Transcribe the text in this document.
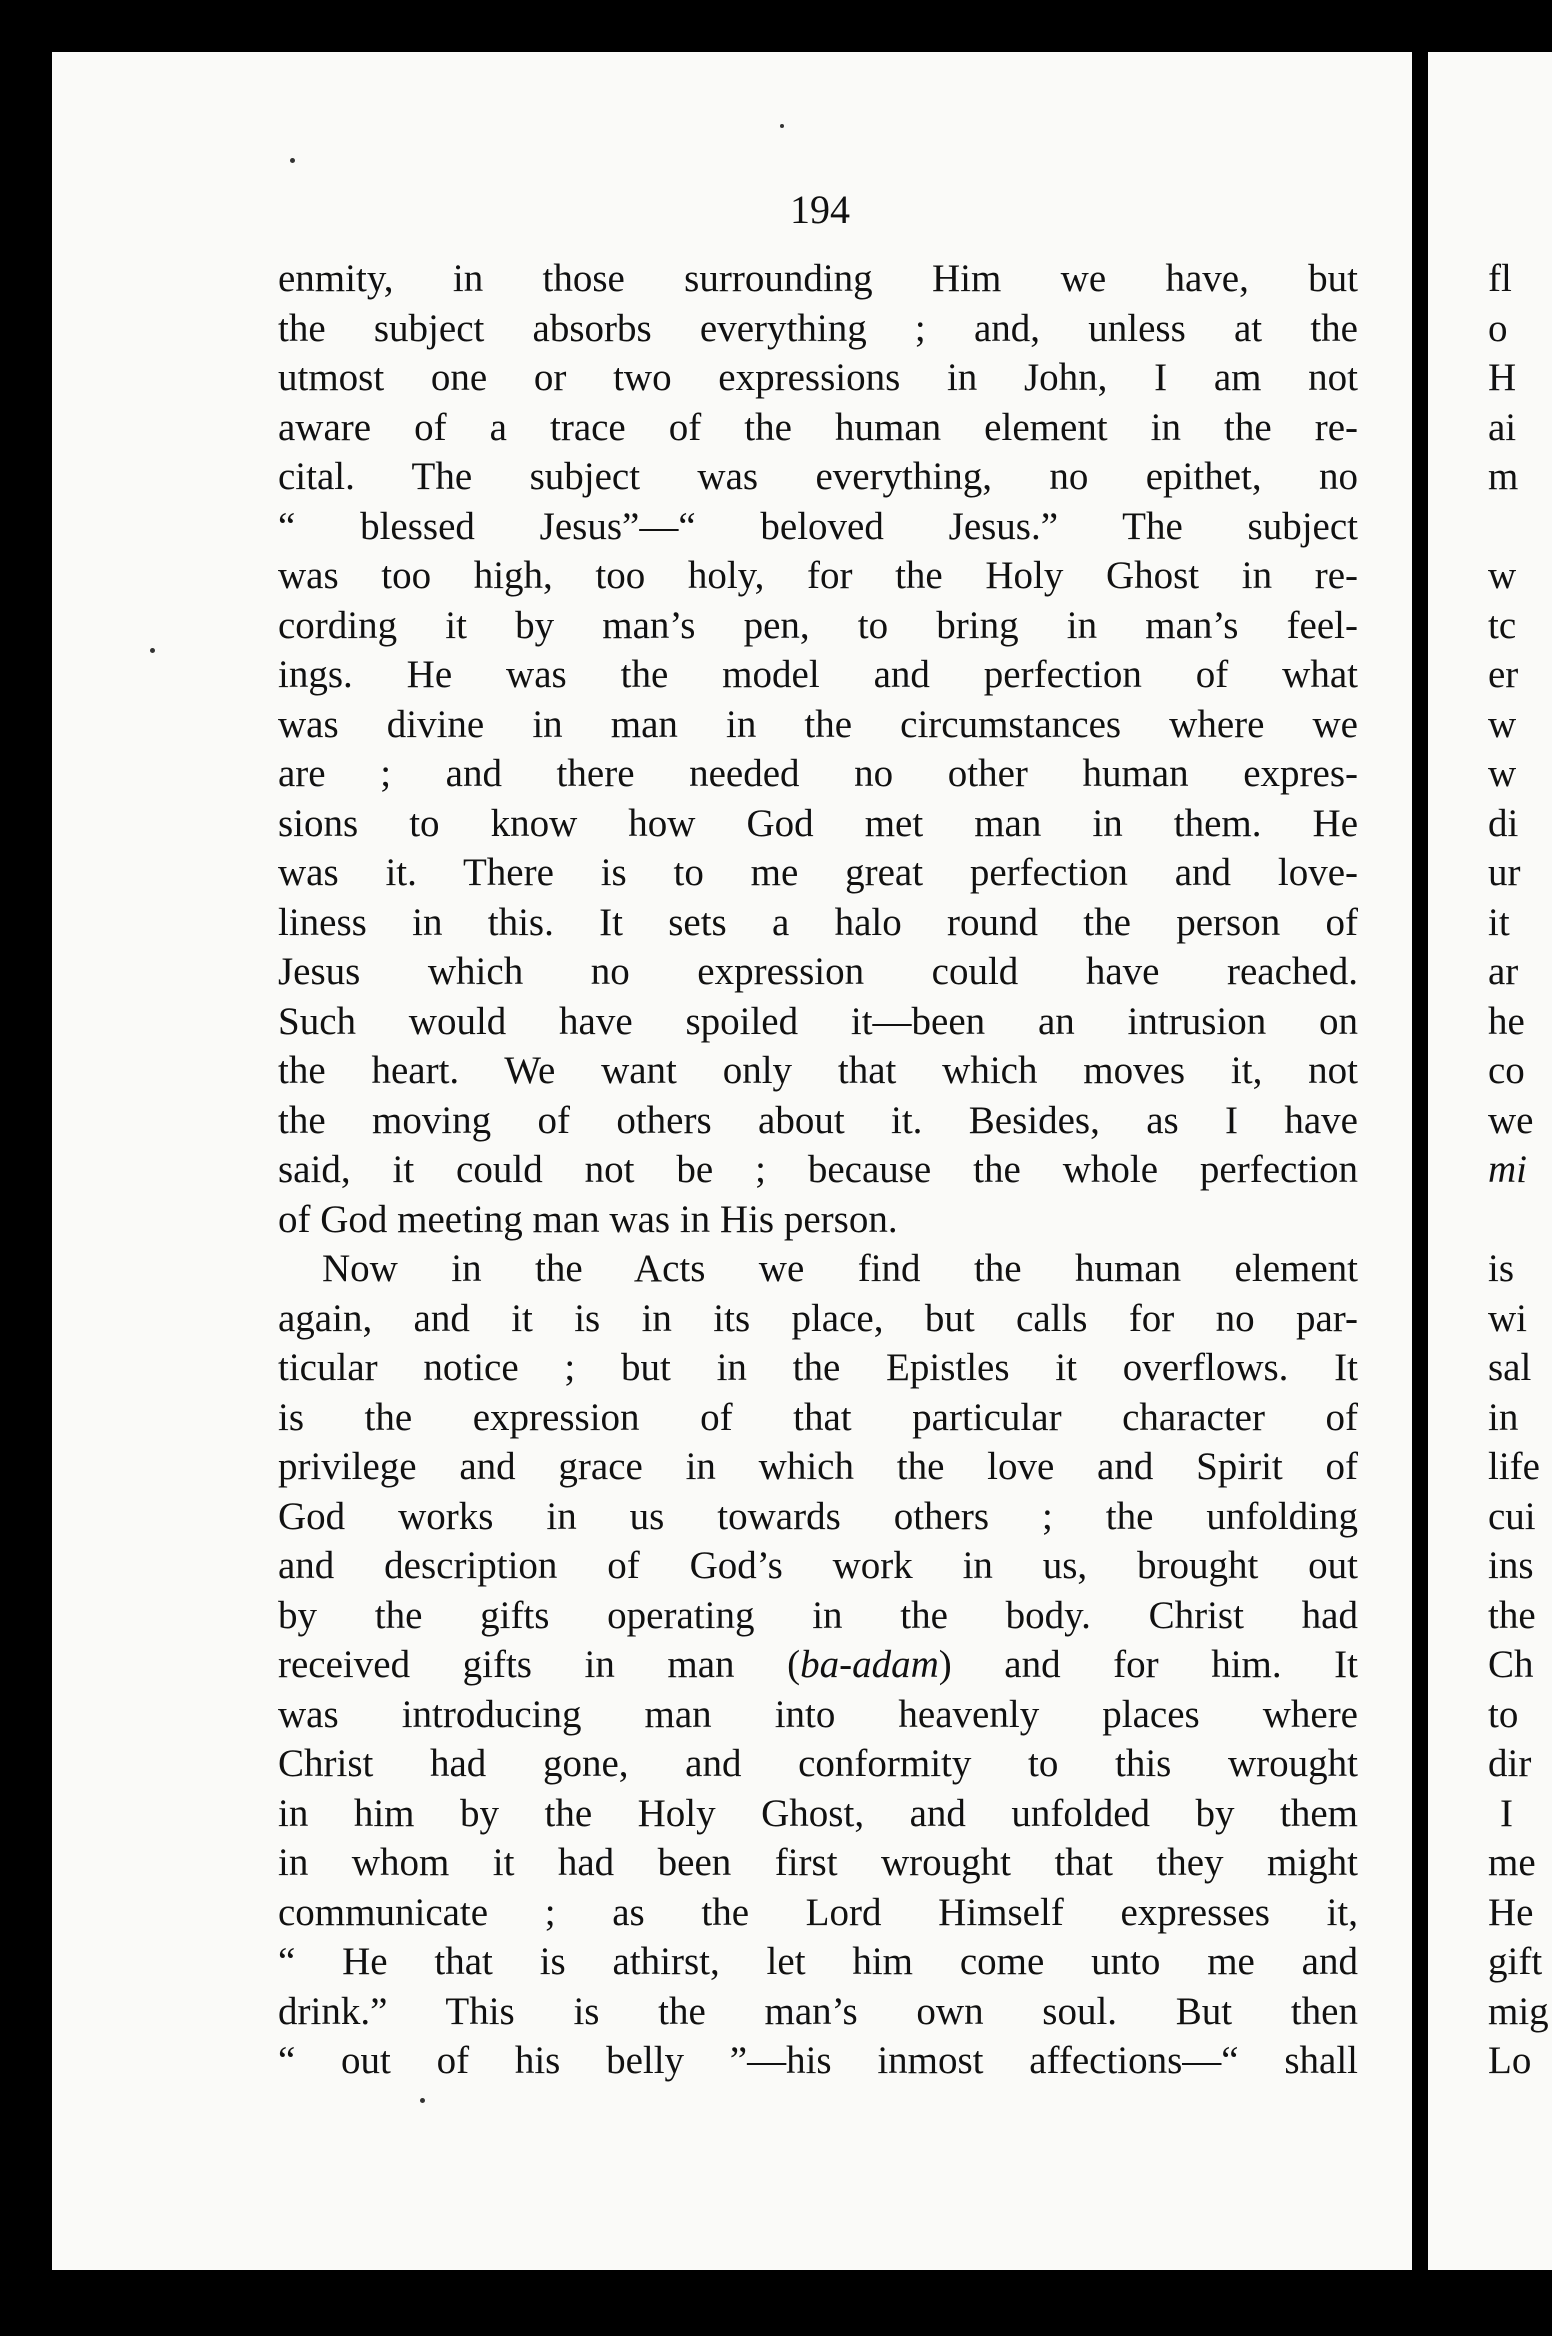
194
enmity, in those surrounding Him we have, but
the subject absorbs everything ; and, unless at the
utmost one or two expressions in John, I am not
aware of a trace of the human element in the re-
cital. The subject was everything, no epithet, no
“ blessed Jesus”—“ beloved Jesus.” The subject
was too high, too holy, for the Holy Ghost in re-
cording it by man’s pen, to bring in man’s feel-
ings. He was the model and perfection of what
was divine in man in the circumstances where we
are ; and there needed no other human expres-
sions to know how God met man in them. He
was it. There is to me great perfection and love-
liness in this. It sets a halo round the person of
Jesus which no expression could have reached.
Such would have spoiled it—been an intrusion on
the heart. We want only that which moves it, not
the moving of others about it. Besides, as I have
said, it could not be ; because the whole perfection
of God meeting man was in His person.
Now in the Acts we find the human element
again, and it is in its place, but calls for no par-
ticular notice ; but in the Epistles it overflows. It
is the expression of that particular character of
privilege and grace in which the love and Spirit of
God works in us towards others ; the unfolding
and description of God’s work in us, brought out
by the gifts operating in the body. Christ had
received gifts in man (ba-adam) and for him. It
was introducing man into heavenly places where
Christ had gone, and conformity to this wrought
in him by the Holy Ghost, and unfolded by them
in whom it had been first wrought that they might
communicate ; as the Lord Himself expresses it,
“ He that is athirst, let him come unto me and
drink.” This is the man’s own soul. But then
“ out of his belly ”—his inmost affections—“ shall
fl
o
H
ai
m
w
tc
er
w
w
di
ur
it
ar
he
co
we
mi
is
wi
sal
in
life
cui
ins
the
Ch
to
dir
I
me
He
gift
mig
Lo
